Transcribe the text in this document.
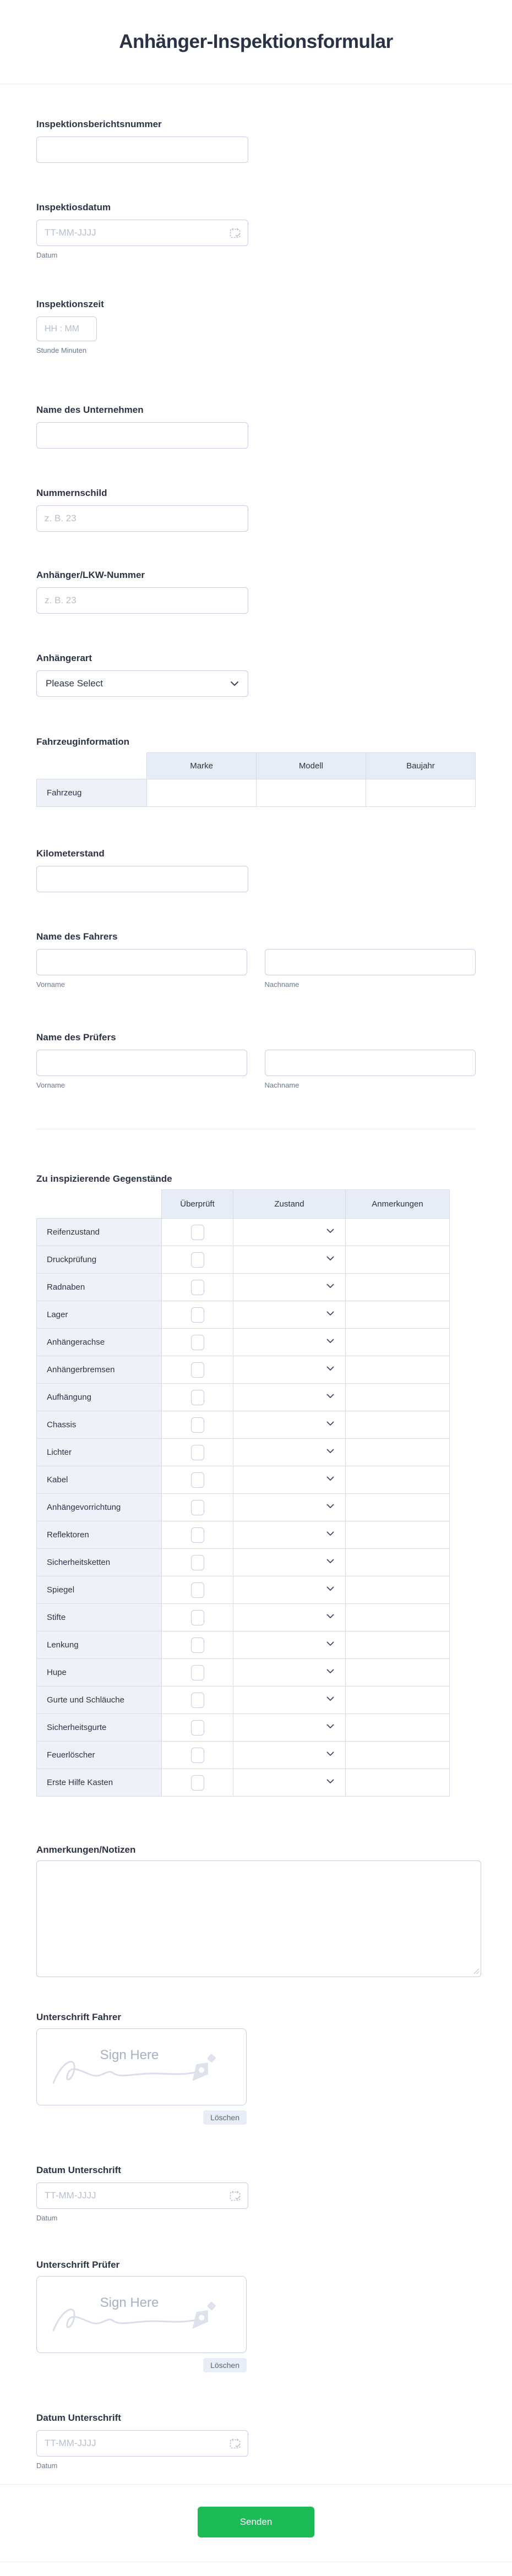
Anhänger-Inspektionsformular
Inspektionsberichtsnummer
Inspektiosdatum
TT-MM-JJJJ
Datum
Inspektionszeit
HH : MM
Stunde Minuten
Name des Unternehmen
Nummernschild
z. B. 23
Anhänger/LKW-Nummer
z. B. 23
Anhängerart
Please Select
Fahrzeuginformation
	Marke	Modell	Baujahr
Fahrzeug			
Kilometerstand
Name des Fahrers
Vorname	Nachname
Name des Prüfers
Vorname	Nachname
Zu inspizierende Gegenstände
	Überprüft	Zustand	Anmerkungen
Reifenzustand		

Druckprüfung		

Radnaben		

Lager		

Anhängerachse		

Anhängerbremsen		

Aufhängung		

Chassis		

Lichter		

Kabel		

Anhängevorrichtung		

Reflektoren		

Sicherheitsketten		

Spiegel		

Stifte		

Lenkung		

Hupe		

Gurte und Schläuche		

Sicherheitsgurte		

Feuerlöscher		

Erste Hilfe Kasten		

Anmerkungen/Notizen
Unterschrift Fahrer
Sign Here
Löschen
Datum Unterschrift
TT-MM-JJJJ
Datum
Unterschrift Prüfer
Sign Here
Löschen
Datum Unterschrift
TT-MM-JJJJ
Datum
Senden
